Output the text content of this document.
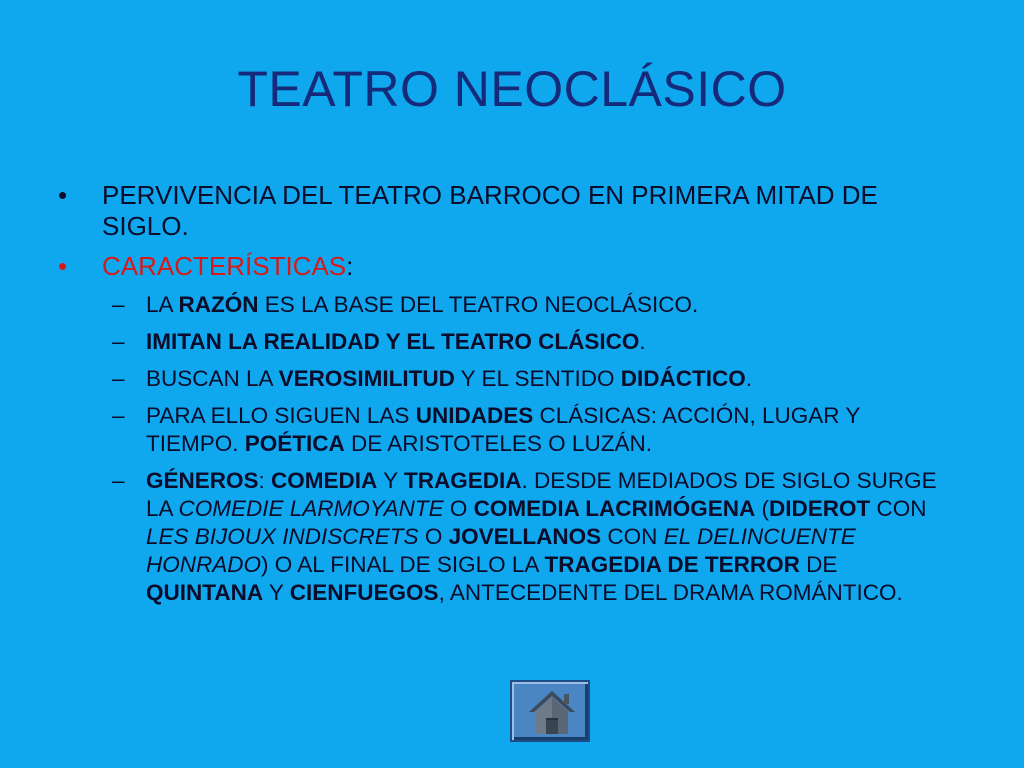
TEATRO NEOCLÁSICO
•	PERVIVENCIA DEL TEATRO BARROCO EN PRIMERA MITAD DE SIGLO.
•	CARACTERÍSTICAS:
– LA RAZÓN ES LA BASE DEL TEATRO NEOCLÁSICO.
– IMITAN LA REALIDAD Y EL TEATRO CLÁSICO.
– BUSCAN LA VEROSIMILITUD Y EL SENTIDO DIDÁCTICO.
– PARA ELLO SIGUEN LAS UNIDADES CLÁSICAS: ACCIÓN, LUGAR Y TIEMPO. POÉTICA DE ARISTOTELES O LUZÁN.
– GÉNEROS: COMEDIA Y TRAGEDIA. DESDE MEDIADOS DE SIGLO SURGE LA COMEDIE LARMOYANTE O COMEDIA LACRIMÓGENA (DIDEROT CON LES BIJOUX INDISCRETS O JOVELLANOS CON EL DELINCUENTE HONRADO) O AL FINAL DE SIGLO LA TRAGEDIA DE TERROR DE QUINTANA Y CIENFUEGOS, ANTECEDENTE DEL DRAMA ROMÁNTICO.
